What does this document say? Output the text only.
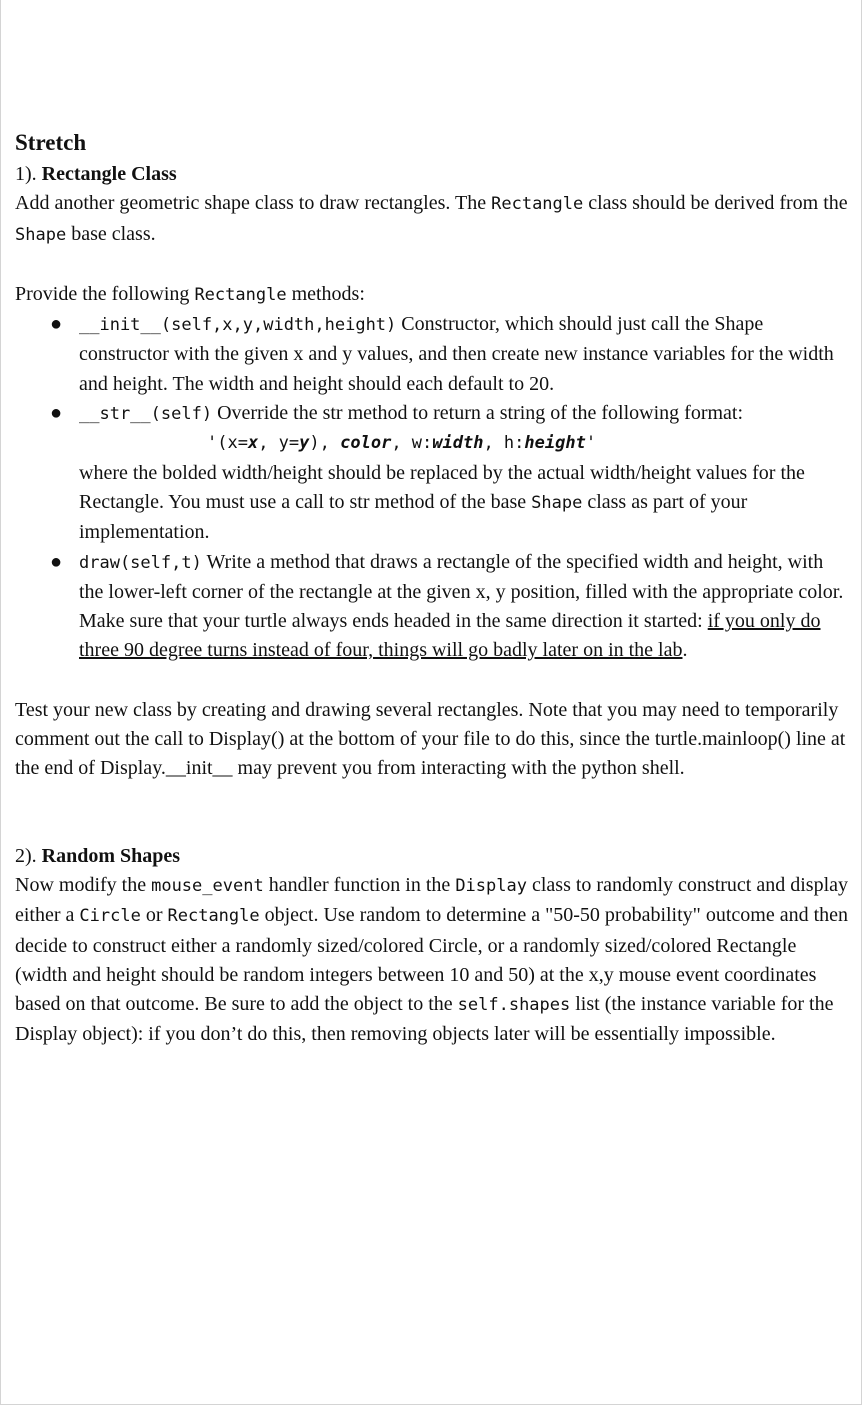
Stretch

1). Rectangle Class

Add another geometric shape class to draw rectangles. The Rectangle class should be derived from the Shape base class.

Provide the following Rectangle methods:

● __init__(self,x,y,width,height) Constructor, which should just call the Shape constructor with the given x and y values, and then create new instance variables for the width and height. The width and height should each default to 20.
● __str__(self) Override the str method to return a string of the following format:
'(x=x, y=y), color, w:width, h:height'
where the bolded width/height should be replaced by the actual width/height values for the Rectangle. You must use a call to str method of the base Shape class as part of your implementation.
● draw(self,t) Write a method that draws a rectangle of the specified width and height, with the lower-left corner of the rectangle at the given x, y position, filled with the appropriate color. Make sure that your turtle always ends headed in the same direction it started: if you only do three 90 degree turns instead of four, things will go badly later on in the lab.

Test your new class by creating and drawing several rectangles. Note that you may need to temporarily comment out the call to Display() at the bottom of your file to do this, since the turtle.mainloop() line at the end of Display.__init__ may prevent you from interacting with the python shell.

2). Random Shapes

Now modify the mouse_event handler function in the Display class to randomly construct and display either a Circle or Rectangle object. Use random to determine a "50-50 probability" outcome and then decide to construct either a randomly sized/colored Circle, or a randomly sized/colored Rectangle (width and height should be random integers between 10 and 50) at the x,y mouse event coordinates based on that outcome. Be sure to add the object to the self.shapes list (the instance variable for the Display object): if you don’t do this, then removing objects later will be essentially impossible.
